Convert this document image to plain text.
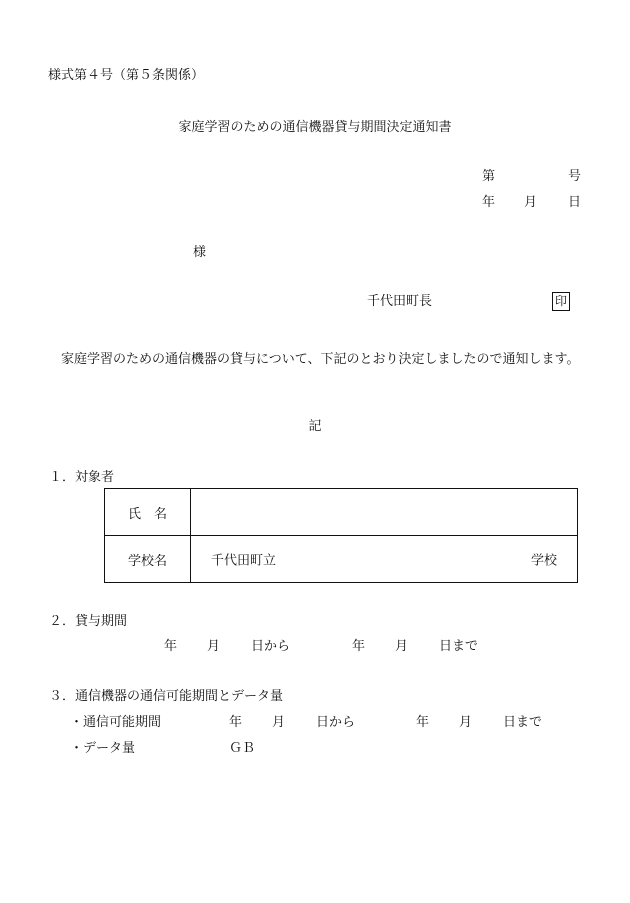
様式第４号（第５条関係）
家庭学習のための通信機器貸与期間決定通知書
第	号
年 月 日
様
千代田町長	印
　家庭学習のための通信機器の貸与について、下記のとおり決定しましたので通知します。
記
１．対象者
氏　名	
学校名	千代田町立 学校
２．貸与期間
年 月 日から	年 月 日まで
３．通信機器の通信可能期間とデータ量
・通信可能期間	年 月 日から	年 月 日まで
・データ量	ＧＢ
